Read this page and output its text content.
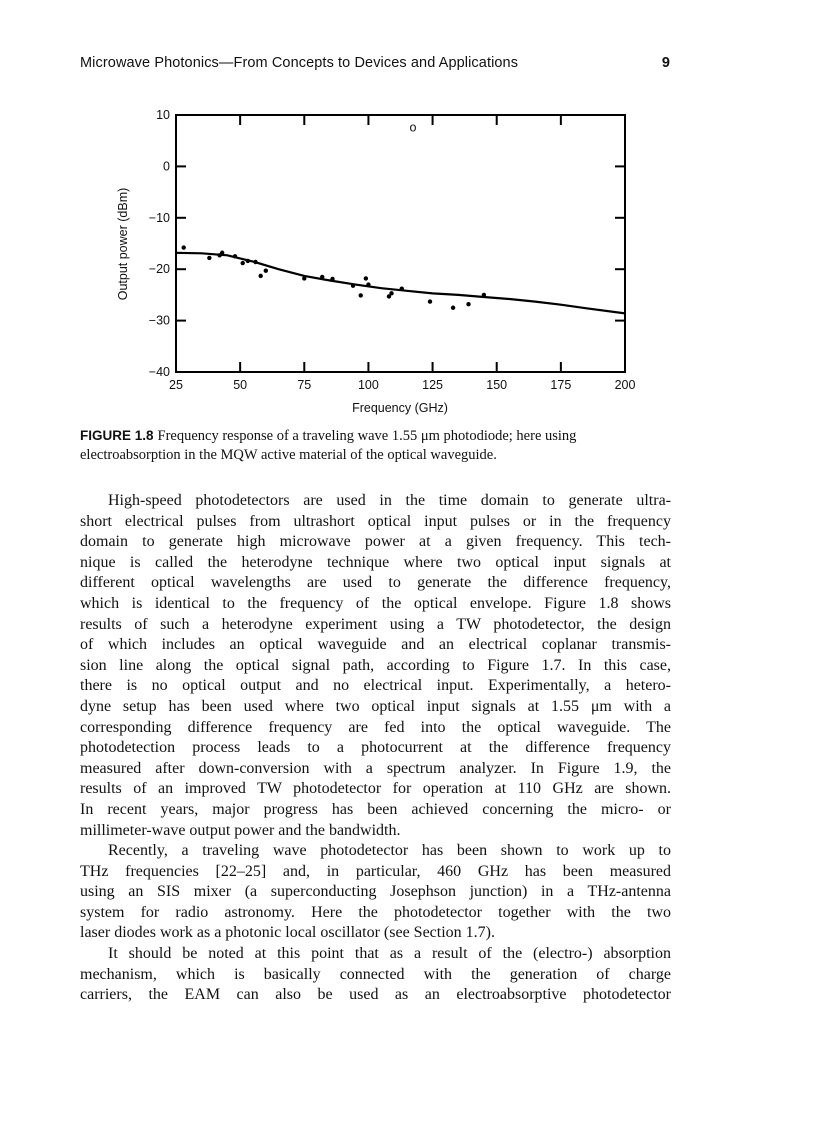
Microwave Photonics—From Concepts to Devices and Applications	9
25	50	75	100	125	150	175	200
10
0
−10
−20
−30
−40
o
Frequency (GHz)
Output power (dBm)
FIGURE 1.8 Frequency response of a traveling wave 1.55 μm photodiode; here using
electroabsorption in the MQW active material of the optical waveguide.

High-speed photodetectors are used in the time domain to generate ultra-
short electrical pulses from ultrashort optical input pulses or in the frequency
domain to generate high microwave power at a given frequency. This tech-
nique is called the heterodyne technique where two optical input signals at
different optical wavelengths are used to generate the difference frequency,
which is identical to the frequency of the optical envelope. Figure 1.8 shows
results of such a heterodyne experiment using a TW photodetector, the design
of which includes an optical waveguide and an electrical coplanar transmis-
sion line along the optical signal path, according to Figure 1.7. In this case,
there is no optical output and no electrical input. Experimentally, a hetero-
dyne setup has been used where two optical input signals at 1.55 μm with a
corresponding difference frequency are fed into the optical waveguide. The
photodetection process leads to a photocurrent at the difference frequency
measured after down-conversion with a spectrum analyzer. In Figure 1.9, the
results of an improved TW photodetector for operation at 110 GHz are shown.
In recent years, major progress has been achieved concerning the micro- or
millimeter-wave output power and the bandwidth.

Recently, a traveling wave photodetector has been shown to work up to
THz frequencies [22–25] and, in particular, 460 GHz has been measured
using an SIS mixer (a superconducting Josephson junction) in a THz-antenna
system for radio astronomy. Here the photodetector together with the two
laser diodes work as a photonic local oscillator (see Section 1.7).

It should be noted at this point that as a result of the (electro-) absorption
mechanism, which is basically connected with the generation of charge
carriers, the EAM can also be used as an electroabsorptive photodetector
